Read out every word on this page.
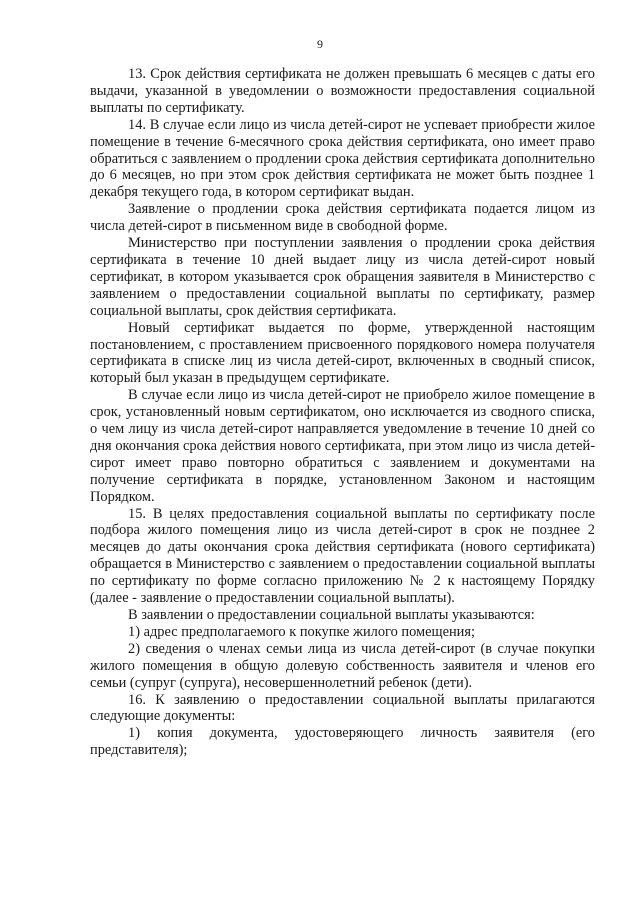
9

13. Срок действия сертификата не должен превышать 6 месяцев с даты его выдачи, указанной в уведомлении о возможности предоставления социальной выплаты по сертификату.

14. В случае если лицо из числа детей-сирот не успевает приобрести жилое помещение в течение 6-месячного срока действия сертификата, оно имеет право обратиться с заявлением о продлении срока действия сертификата дополнительно до 6 месяцев, но при этом срок действия сертификата не может быть позднее 1 декабря текущего года, в котором сертификат выдан.

Заявление о продлении срока действия сертификата подается лицом из числа детей-сирот в письменном виде в свободной форме.

Министерство при поступлении заявления о продлении срока действия сертификата в течение 10 дней выдает лицу из числа детей-сирот новый сертификат, в котором указывается срок обращения заявителя в Министерство с заявлением о предоставлении социальной выплаты по сертификату, размер социальной выплаты, срок действия сертификата.

Новый сертификат выдается по форме, утвержденной настоящим постановлением, с проставлением присвоенного порядкового номера получателя сертификата в списке лиц из числа детей-сирот, включенных в сводный список, который был указан в предыдущем сертификате.

В случае если лицо из числа детей-сирот не приобрело жилое помещение в срок, установленный новым сертификатом, оно исключается из сводного списка, о чем лицу из числа детей-сирот направляется уведомление в течение 10 дней со дня окончания срока действия нового сертификата, при этом лицо из числа детей-сирот имеет право повторно обратиться с заявлением и документами на получение сертификата в порядке, установленном Законом и настоящим Порядком.

15. В целях предоставления социальной выплаты по сертификату после подбора жилого помещения лицо из числа детей-сирот в срок не позднее 2 месяцев до даты окончания срока действия сертификата (нового сертификата) обращается в Министерство с заявлением о предоставлении социальной выплаты по сертификату по форме согласно приложению № 2 к настоящему Порядку (далее - заявление о предоставлении социальной выплаты).

В заявлении о предоставлении социальной выплаты указываются:

1) адрес предполагаемого к покупке жилого помещения;

2) сведения о членах семьи лица из числа детей-сирот (в случае покупки жилого помещения в общую долевую собственность заявителя и членов его семьи (супруг (супруга), несовершеннолетний ребенок (дети).

16. К заявлению о предоставлении социальной выплаты прилагаются следующие документы:

1) копия документа, удостоверяющего личность заявителя (его представителя);
